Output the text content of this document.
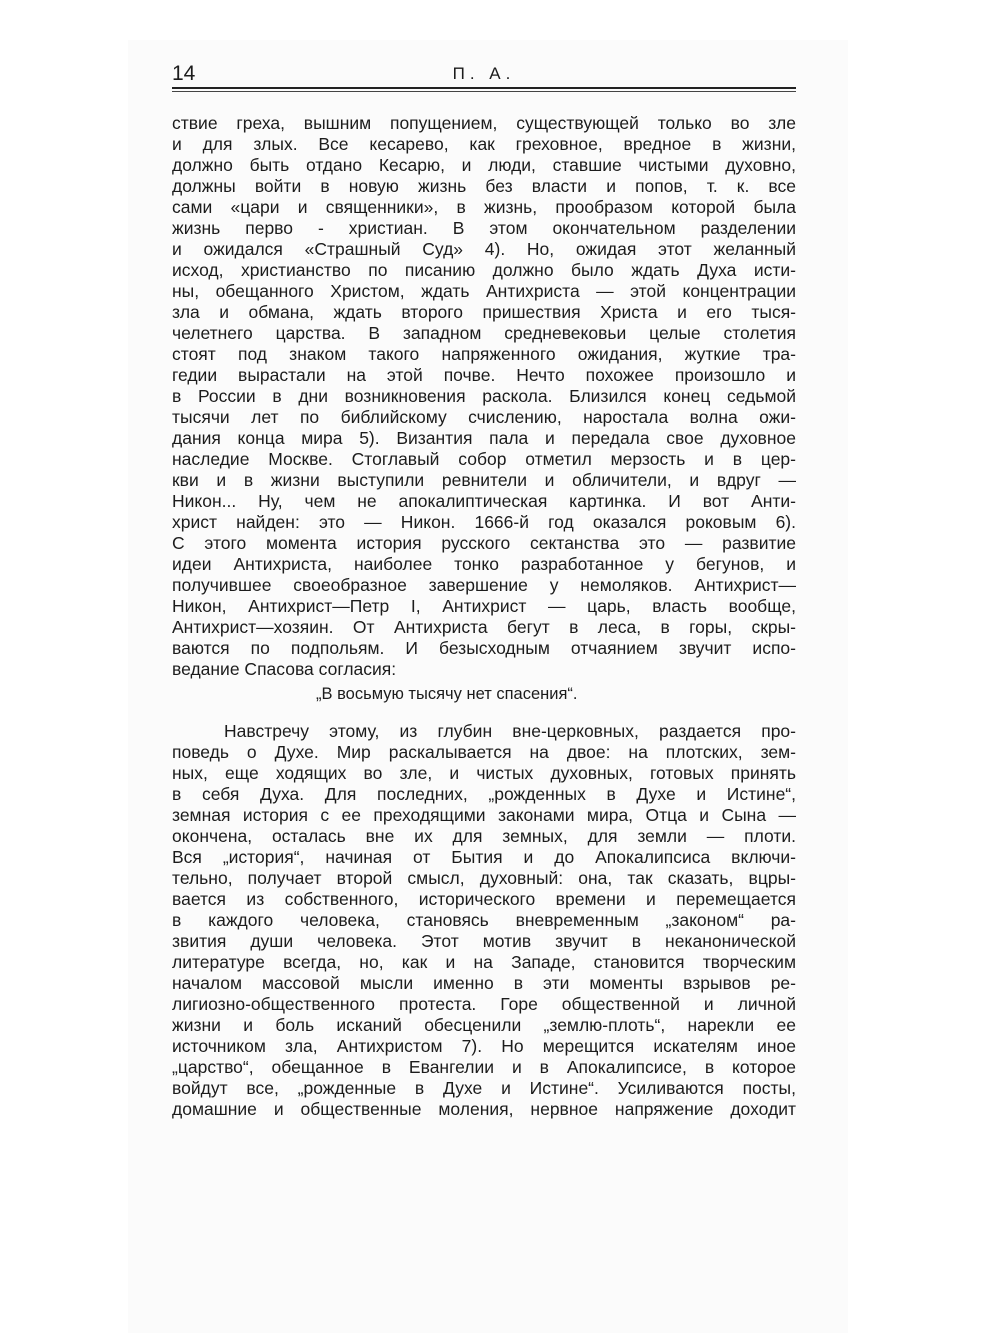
14	П. А.
ствие греха, вышним попущением, существующей только во зле
и для злых. Все кесарево, как греховное, вредное в жизни,
должно быть отдано Кесарю, и люди, ставшие чистыми духовно,
должны войти в новую жизнь без власти и попов, т. к. все
сами «цари и священники», в жизнь, прообразом которой была
жизнь перво - христиан. В этом окончательном разделении
и ожидался «Страшный Суд» 4). Но, ожидая этот желанный
исход, христианство по писанию должно было ждать Духа исти-
ны, обещанного Христом, ждать Антихриста — этой концентрации
зла и обмана, ждать второго пришествия Христа и его тыся-
челетнего царства. В западном средневековьи целые столетия
стоят под знаком такого напряженного ожидания, жуткие тра-
гедии вырастали на этой почве. Нечто похожее произошло и
в России в дни возникновения раскола. Близился конец седьмой
тысячи лет по библийскому счислению, наростала волна ожи-
дания конца мира 5). Византия пала и передала свое духовное
наследие Москве. Стоглавый собор отметил мерзость и в цер-
кви и в жизни выступили ревнители и обличители, и вдруг —
Никон... Ну, чем не апокалиптическая картинка. И вот Анти-
христ найден: это — Никон. 1666-й год оказался роковым 6).
С этого момента история русского сектанства это — развитие
идеи Антихриста, наиболее тонко разработанное у бегунов, и
получившее своеобразное завершение у немоляков. Антихрист—
Никон, Антихрист—Петр I, Антихрист — царь, власть вообще,
Антихрист—хозяин. От Антихриста бегут в леса, в горы, скры-
ваются по подпольям. И безысходным отчаянием звучит испо-
ведание Спасова согласия:
„В восьмую тысячу нет спасения“.
Навстречу этому, из глубин вне-церковных, раздается про-
поведь о Духе. Мир раскалывается на двое: на плотских, зем-
ных, еще ходящих во зле, и чистых духовных, готовых принять
в себя Духа. Для последних, „рожденных в Духе и Истине“,
земная история с ее преходящими законами мира, Отца и Сына —
окончена, осталась вне их для земных, для земли — плоти.
Вся „история“, начиная от Бытия и до Апокалипсиса включи-
тельно, получает второй смысл, духовный: она, так сказать, вцры-
вается из собственного, исторического времени и перемещается
в каждого человека, становясь вневременным „законом“ ра-
звития души человека. Этот мотив звучит в неканонической
литературе всегда, но, как и на Западе, становится творческим
началом массовой мысли именно в эти моменты взрывов ре-
лигиозно-общественного протеста. Горе общественной и личной
жизни и боль исканий обесценили „землю-плоть“, нарекли ее
источником зла, Антихристом 7). Но мерещится искателям иное
„царство“, обещанное в Евангелии и в Апокалипсисе, в которое
войдут все, „рожденные в Духе и Истине“. Усиливаются посты,
домашние и общественные моления, нервное напряжение доходит
